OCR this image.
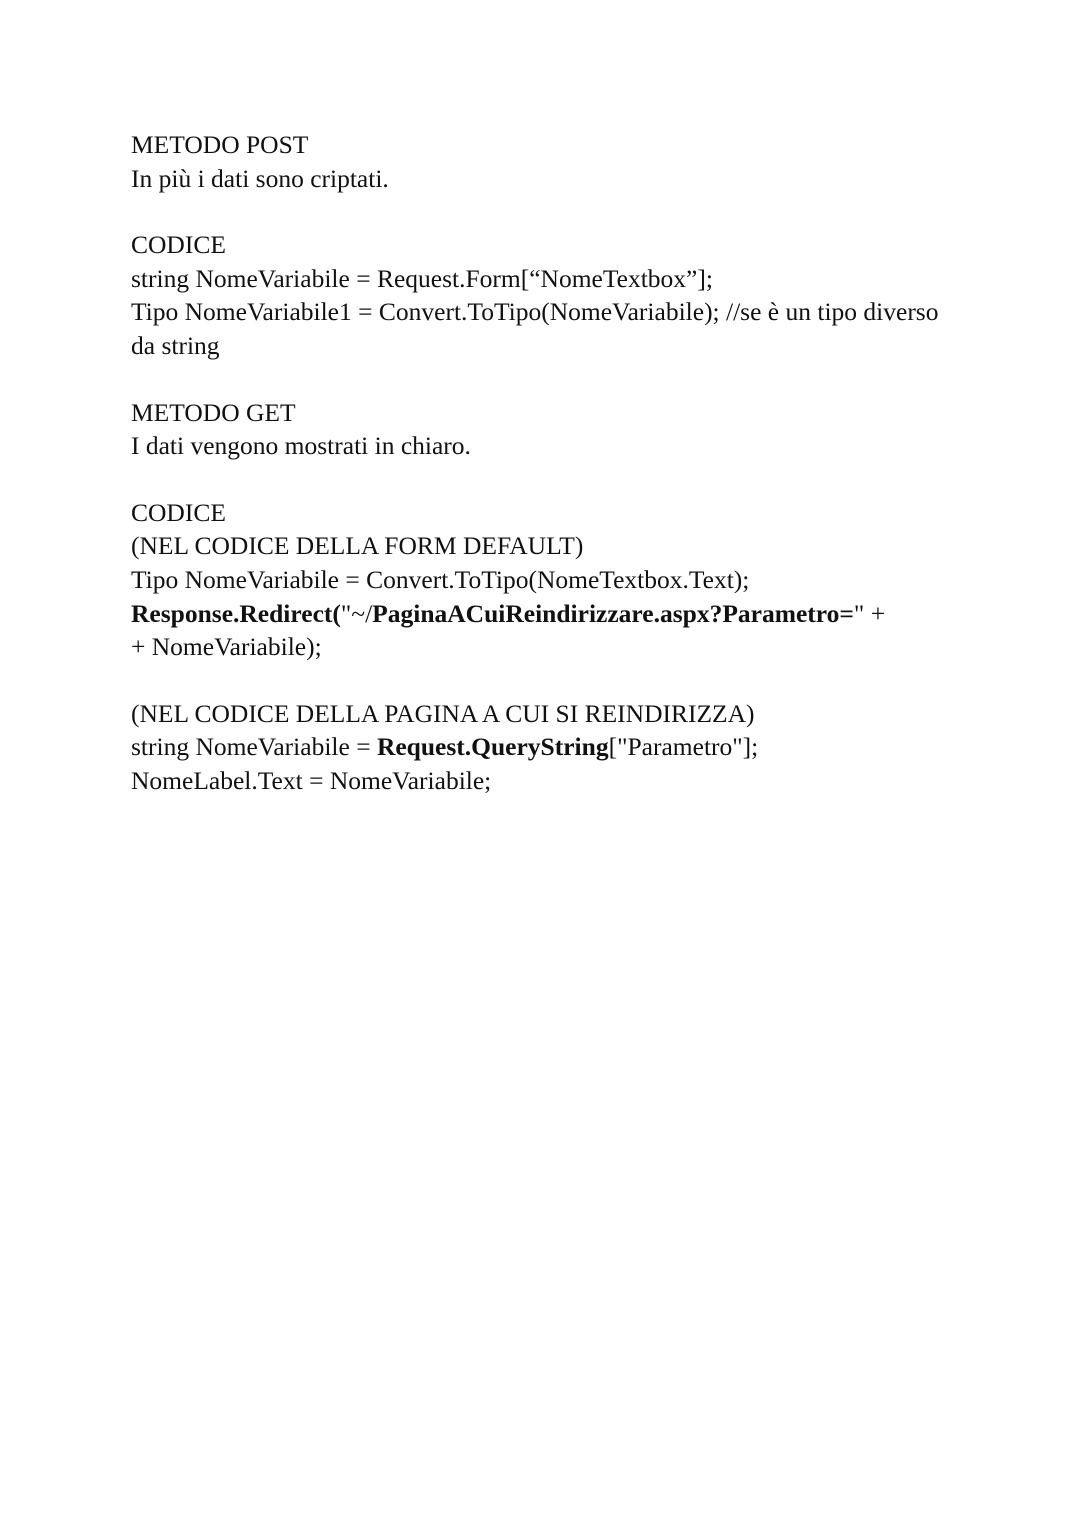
METODO POST
In più i dati sono criptati.
CODICE
string NomeVariabile = Request.Form[“NomeTextbox”];
Tipo NomeVariabile1 = Convert.ToTipo(NomeVariabile); //se è un tipo diverso
da string
METODO GET
I dati vengono mostrati in chiaro.
CODICE
(NEL CODICE DELLA FORM DEFAULT)
Tipo NomeVariabile = Convert.ToTipo(NomeTextbox.Text);
Response.Redirect("~/PaginaACuiReindirizzare.aspx?Parametro=" +
+ NomeVariabile);
(NEL CODICE DELLA PAGINA A CUI SI REINDIRIZZA)
string NomeVariabile = Request.QueryString["Parametro"];
NomeLabel.Text = NomeVariabile;
